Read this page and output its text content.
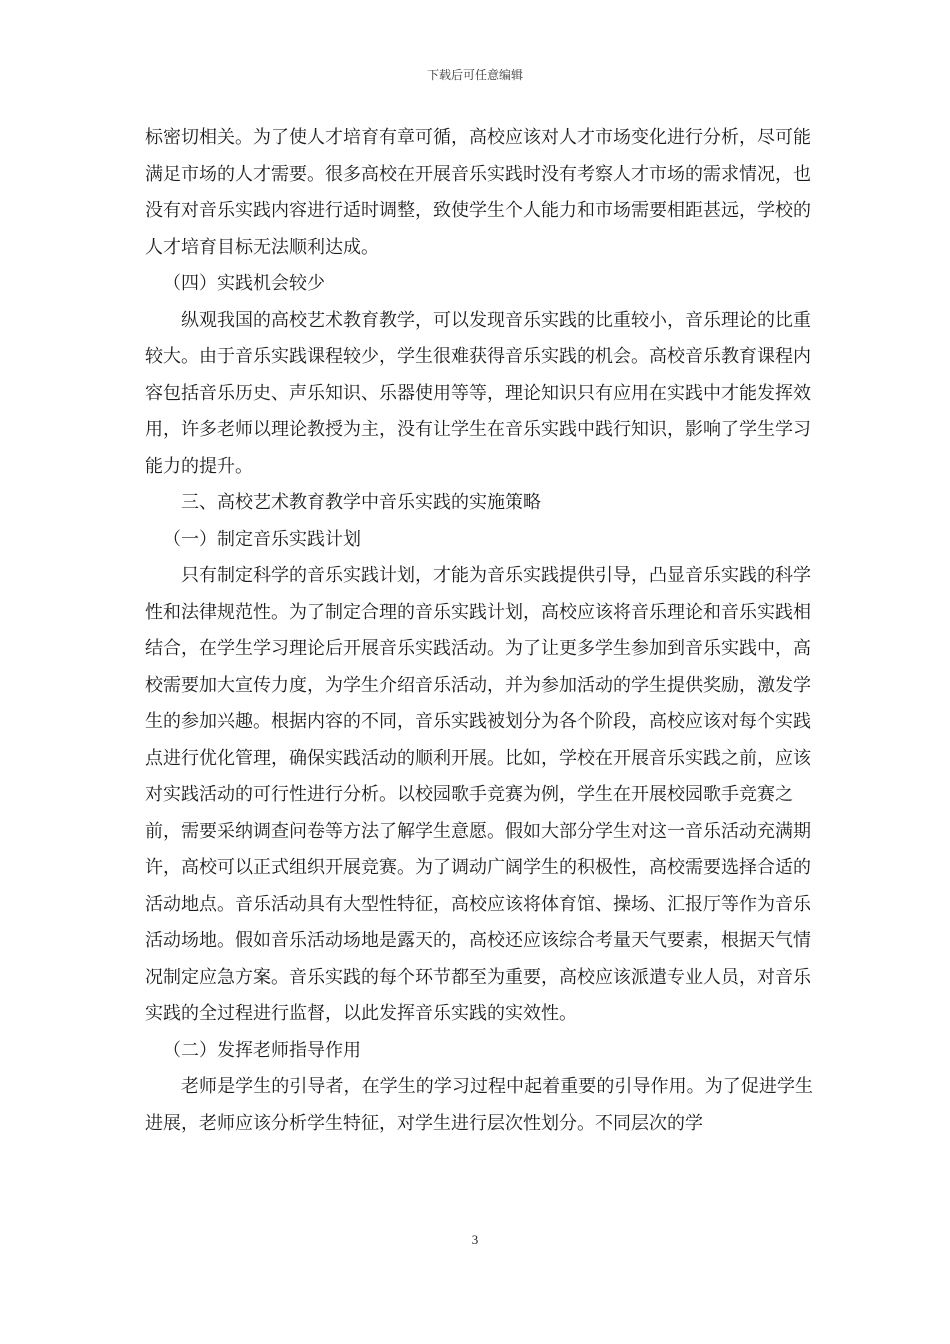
下载后可任意编辑

标密切相关。为了使人才培育有章可循，高校应该对人才市场变化进行分析，尽可能满足市场的人才需要。很多高校在开展音乐实践时没有考察人才市场的需求情况，也没有对音乐实践内容进行适时调整，致使学生个人能力和市场需要相距甚远，学校的人才培育目标无法顺利达成。

（四）实践机会较少

纵观我国的高校艺术教育教学，可以发现音乐实践的比重较小，音乐理论的比重较大。由于音乐实践课程较少，学生很难获得音乐实践的机会。高校音乐教育课程内容包括音乐历史、声乐知识、乐器使用等等，理论知识只有应用在实践中才能发挥效用，许多老师以理论教授为主，没有让学生在音乐实践中践行知识，影响了学生学习能力的提升。

三、高校艺术教育教学中音乐实践的实施策略

（一）制定音乐实践计划

只有制定科学的音乐实践计划，才能为音乐实践提供引导，凸显音乐实践的科学性和法律规范性。为了制定合理的音乐实践计划，高校应该将音乐理论和音乐实践相结合，在学生学习理论后开展音乐实践活动。为了让更多学生参加到音乐实践中，高校需要加大宣传力度，为学生介绍音乐活动，并为参加活动的学生提供奖励，激发学生的参加兴趣。根据内容的不同，音乐实践被划分为各个阶段，高校应该对每个实践点进行优化管理，确保实践活动的顺利开展。比如，学校在开展音乐实践之前，应该对实践活动的可行性进行分析。以校园歌手竞赛为例，学生在开展校园歌手竞赛之前，需要采纳调查问卷等方法了解学生意愿。假如大部分学生对这一音乐活动充满期许，高校可以正式组织开展竞赛。为了调动广阔学生的积极性，高校需要选择合适的活动地点。音乐活动具有大型性特征，高校应该将体育馆、操场、汇报厅等作为音乐活动场地。假如音乐活动场地是露天的，高校还应该综合考量天气要素，根据天气情况制定应急方案。音乐实践的每个环节都至为重要，高校应该派遣专业人员，对音乐实践的全过程进行监督，以此发挥音乐实践的实效性。

（二）发挥老师指导作用

老师是学生的引导者，在学生的学习过程中起着重要的引导作用。为了促进学生进展，老师应该分析学生特征，对学生进行层次性划分。不同层次的学

3
